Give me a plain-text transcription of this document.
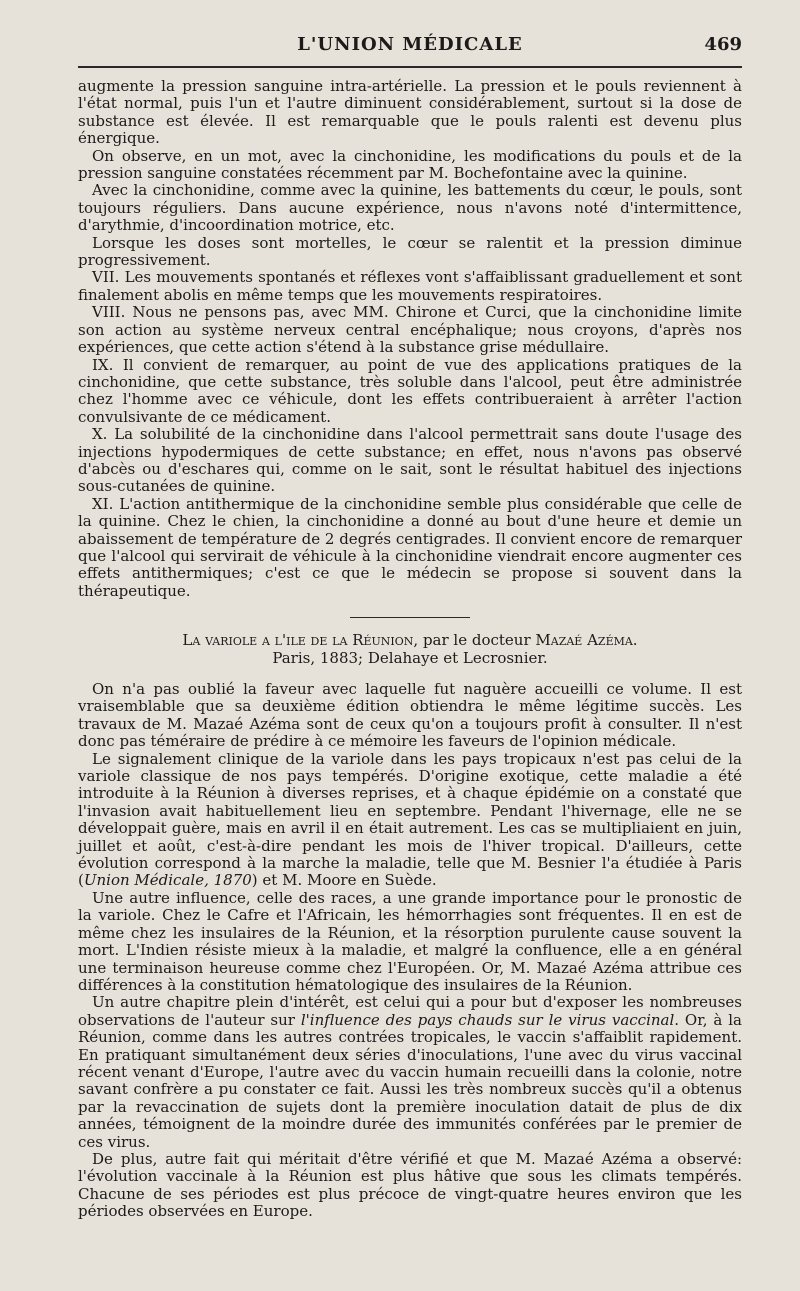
L'UNION MÉDICALE	469

augmente la pression sanguine intra-artérielle. La pression et le pouls reviennent à l'état normal, puis l'un et l'autre diminuent considérablement, surtout si la dose de substance est élevée. Il est remarquable que le pouls ralenti est devenu plus énergique.

On observe, en un mot, avec la cinchonidine, les modifications du pouls et de la pression sanguine constatées récemment par M. Bochefontaine avec la quinine.

Avec la cinchonidine, comme avec la quinine, les battements du cœur, le pouls, sont toujours réguliers. Dans aucune expérience, nous n'avons noté d'intermittence, d'arythmie, d'incoordination motrice, etc.

Lorsque les doses sont mortelles, le cœur se ralentit et la pression diminue progressivement.

VII. Les mouvements spontanés et réflexes vont s'affaiblissant graduellement et sont finalement abolis en même temps que les mouvements respiratoires.

VIII. Nous ne pensons pas, avec MM. Chirone et Curci, que la cinchonidine limite son action au système nerveux central encéphalique; nous croyons, d'après nos expériences, que cette action s'étend à la substance grise médullaire.

IX. Il convient de remarquer, au point de vue des applications pratiques de la cinchonidine, que cette substance, très soluble dans l'alcool, peut être administrée chez l'homme avec ce véhicule, dont les effets contribueraient à arrêter l'action convulsivante de ce médicament.

X. La solubilité de la cinchonidine dans l'alcool permettrait sans doute l'usage des injections hypodermiques de cette substance; en effet, nous n'avons pas observé d'abcès ou d'eschares qui, comme on le sait, sont le résultat habituel des injections sous-cutanées de quinine.

XI. L'action antithermique de la cinchonidine semble plus considérable que celle de la quinine. Chez le chien, la cinchonidine a donné au bout d'une heure et demie un abaissement de température de 2 degrés centigrades. Il convient encore de remarquer que l'alcool qui servirait de véhicule à la cinchonidine viendrait encore augmenter ces effets antithermiques; c'est ce que le médecin se propose si souvent dans la thérapeutique.

La variole a l'ile de la Réunion, par le docteur Mazaé Azéma.

Paris, 1883; Delahaye et Lecrosnier.

On n'a pas oublié la faveur avec laquelle fut naguère accueilli ce volume. Il est vraisemblable que sa deuxième édition obtiendra le même légitime succès. Les travaux de M. Mazaé Azéma sont de ceux qu'on a toujours profit à consulter. Il n'est donc pas téméraire de prédire à ce mémoire les faveurs de l'opinion médicale.

Le signalement clinique de la variole dans les pays tropicaux n'est pas celui de la variole classique de nos pays tempérés. D'origine exotique, cette maladie a été introduite à la Réunion à diverses reprises, et à chaque épidémie on a constaté que l'invasion avait habituellement lieu en septembre. Pendant l'hivernage, elle ne se développait guère, mais en avril il en était autrement. Les cas se multipliaient en juin, juillet et août, c'est-à-dire pendant les mois de l'hiver tropical. D'ailleurs, cette évolution correspond à la marche la maladie, telle que M. Besnier l'a étudiée à Paris (Union Médicale, 1870) et M. Moore en Suède.

Une autre influence, celle des races, a une grande importance pour le pronostic de la variole. Chez le Cafre et l'Africain, les hémorrhagies sont fréquentes. Il en est de même chez les insulaires de la Réunion, et la résorption purulente cause souvent la mort. L'Indien résiste mieux à la maladie, et malgré la confluence, elle a en général une terminaison heureuse comme chez l'Européen. Or, M. Mazaé Azéma attribue ces différences à la constitution hématologique des insulaires de la Réunion.

Un autre chapitre plein d'intérêt, est celui qui a pour but d'exposer les nombreuses observations de l'auteur sur l'influence des pays chauds sur le virus vaccinal. Or, à la Réunion, comme dans les autres contrées tropicales, le vaccin s'affaiblit rapidement. En pratiquant simultanément deux séries d'inoculations, l'une avec du virus vaccinal récent venant d'Europe, l'autre avec du vaccin humain recueilli dans la colonie, notre savant confrère a pu constater ce fait. Aussi les très nombreux succès qu'il a obtenus par la revaccination de sujets dont la première inoculation datait de plus de dix années, témoignent de la moindre durée des immunités conférées par le premier de ces virus.

De plus, autre fait qui méritait d'être vérifié et que M. Mazaé Azéma a observé: l'évolution vaccinale à la Réunion est plus hâtive que sous les climats tempérés. Chacune de ses périodes est plus précoce de vingt-quatre heures environ que les périodes observées en Europe.
